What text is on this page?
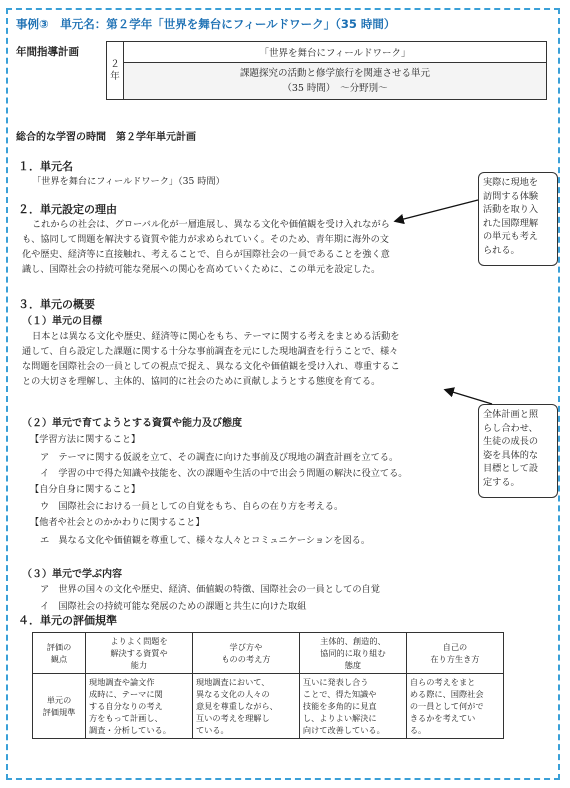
事例③　単元名：第２学年「世界を舞台にフィールドワーク」（35 時間）
年間指導計画
２
年	「世界を舞台にフィールドワーク」
課題探究の活動と修学旅行を関連させる単元
（35 時間）　～分野別～
総合的な学習の時間　第２学年単元計画
１．単元名
「世界を舞台にフィールドワーク」（35 時間）
２．単元設定の理由
これからの社会は、グローバル化が一層進展し、異なる文化や価値観を受け入れながら
も、協同して問題を解決する資質や能力が求められていく。そのため、青年期に海外の文
化や歴史、経済等に直接触れ、考えることで、自らが国際社会の一員であることを強く意
識し、国際社会の持続可能な発展への関心を高めていくために、この単元を設定した。
３．単元の概要
（１）単元の目標
日本とは異なる文化や歴史、経済等に関心をもち、テーマに関する考えをまとめる活動を
通して、自ら設定した課題に関する十分な事前調査を元にした現地調査を行うことで、様々
な問題を国際社会の一員としての視点で捉え、異なる文化や価値観を受け入れ、尊重するこ
との大切さを理解し、主体的、協同的に社会のために貢献しようとする態度を育てる。
（２）単元で育てようとする資質や能力及び態度
【学習方法に関すること】
ア　テーマに関する仮説を立て、その調査に向けた事前及び現地の調査計画を立てる。
イ　学習の中で得た知識や技能を、次の課題や生活の中で出会う問題の解決に役立てる。
【自分自身に関すること】
ウ　国際社会における一員としての自覚をもち、自らの在り方を考える。
【他者や社会とのかかわりに関すること】
エ　異なる文化や価値観を尊重して、様々な人々とコミュニケーションを図る。
（３）単元で学ぶ内容
ア　世界の国々の文化や歴史、経済、価値観の特徴、国際社会の一員としての自覚
イ　国際社会の持続可能な発展のための課題と共生に向けた取組
実際に現地を
訪問する体験
活動を取り入
れた国際理解
の単元も考え
られる。
全体計画と照
らし合わせ、
生徒の成長の
姿を具体的な
目標として設
定する。
４．単元の評価規準
評価の
観点	よりよく問題を
解決する資質や
能力	学び方や
ものの考え方	主体的、創造的、
協同的に取り組む
態度	自己の
在り方生き方

単元の
評価規準	現地調査や論文作
成時に、テーマに関
する自分なりの考え
方をもって計画し、
調査・分析している。	現地調査において、
異なる文化の人々の
意見を尊重しながら、
互いの考えを理解し
ている。	互いに発表し合う
ことで、得た知識や
技能を多角的に見直
し、よりよい解決に
向けて改善している。	自らの考えをまと
める際に、国際社会
の一員として何がで
きるかを考えてい
る。
